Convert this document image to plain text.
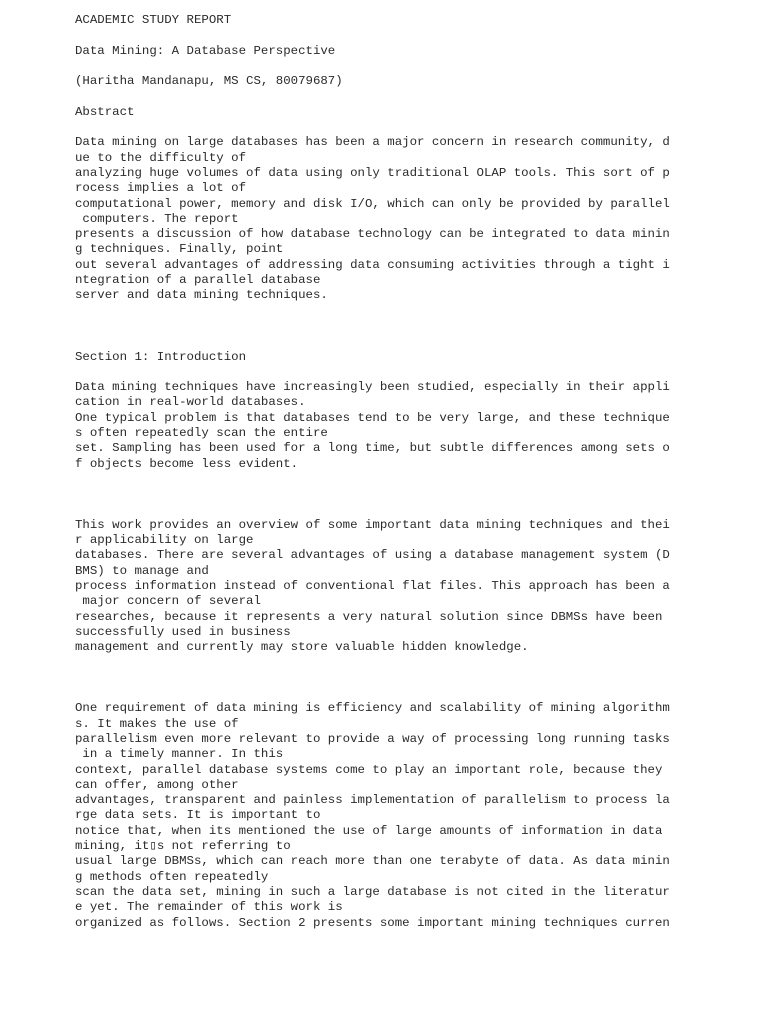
ACADEMIC STUDY REPORT
Data Mining: A Database Perspective
(Haritha Mandanapu, MS CS, 80079687)
Abstract
Data mining on large databases has been a major concern in research community, d
ue to the difficulty of
analyzing huge volumes of data using only traditional OLAP tools. This sort of p
rocess implies a lot of
computational power, memory and disk I/O, which can only be provided by parallel
computers. The report
presents a discussion of how database technology can be integrated to data minin
g techniques. Finally, point
out several advantages of addressing data consuming activities through a tight i
ntegration of a parallel database
server and data mining techniques.
Section 1: Introduction
Data mining techniques have increasingly been studied, especially in their appli
cation in real-world databases.
One typical problem is that databases tend to be very large, and these technique
s often repeatedly scan the entire
set. Sampling has been used for a long time, but subtle differences among sets o
f objects become less evident.
This work provides an overview of some important data mining techniques and thei
r applicability on large
databases. There are several advantages of using a database management system (D
BMS) to manage and
process information instead of conventional flat files. This approach has been a
major concern of several
researches, because it represents a very natural solution since DBMSs have been
successfully used in business
management and currently may store valuable hidden knowledge.
One requirement of data mining is efficiency and scalability of mining algorithm
s. It makes the use of
parallelism even more relevant to provide a way of processing long running tasks
in a timely manner. In this
context, parallel database systems come to play an important role, because they
can offer, among other
advantages, transparent and painless implementation of parallelism to process la
rge data sets. It is important to
notice that, when its mentioned the use of large amounts of information in data
mining, it▯s not referring to
usual large DBMSs, which can reach more than one terabyte of data. As data minin
g methods often repeatedly
scan the data set, mining in such a large database is not cited in the literatur
e yet. The remainder of this work is
organized as follows. Section 2 presents some important mining techniques curren
